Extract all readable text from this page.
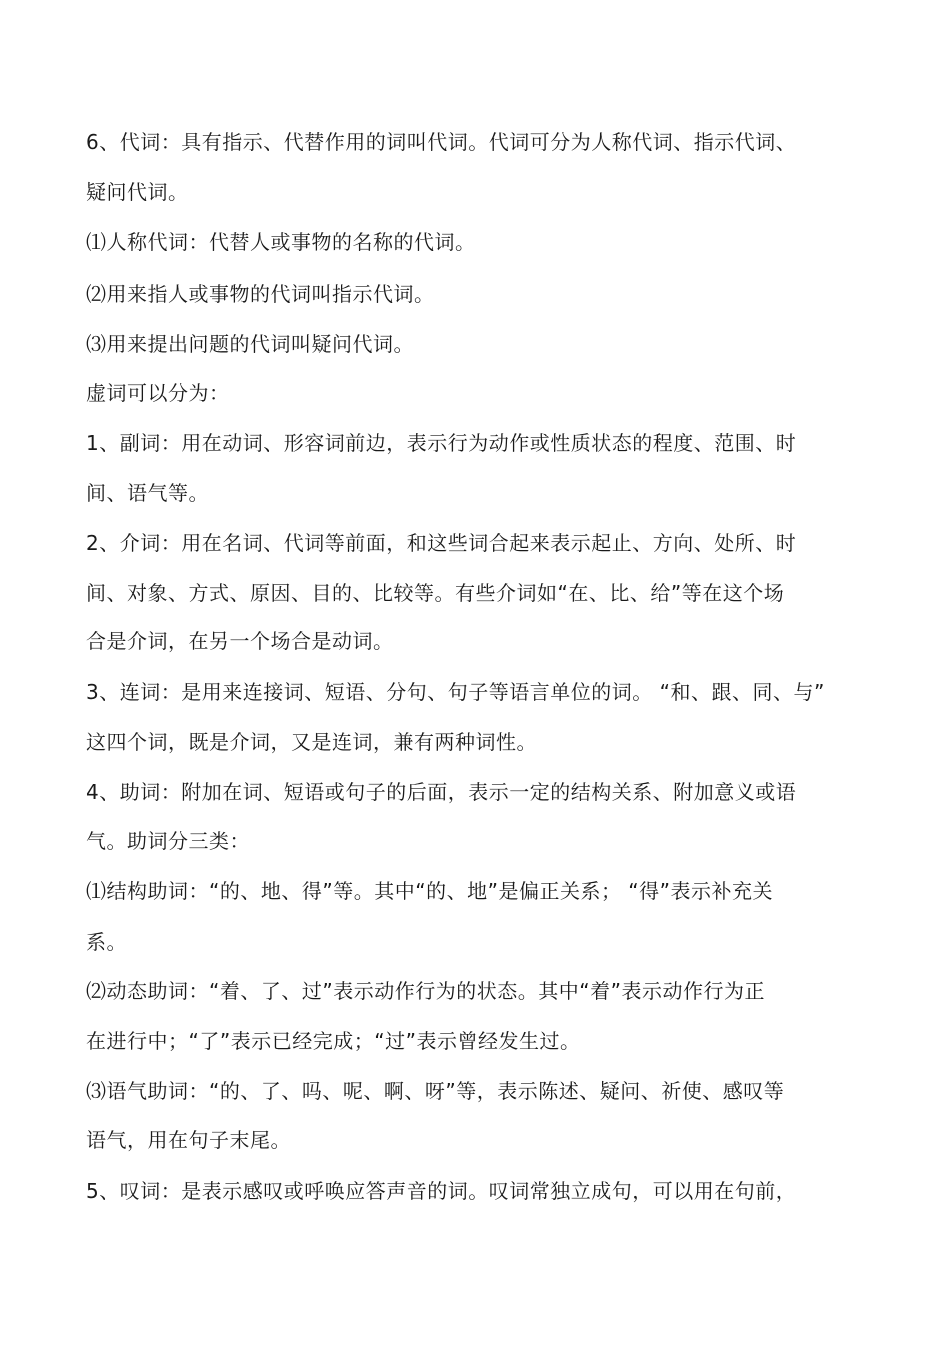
6、代词：具有指示、代替作用的词叫代词。代词可分为人称代词、指示代词、
疑问代词。
⑴人称代词：代替人或事物的名称的代词。
⑵用来指人或事物的代词叫指示代词。
⑶用来提出问题的代词叫疑问代词。
虚词可以分为：
1、副词：用在动词、形容词前边，表示行为动作或性质状态的程度、范围、时
间、语气等。
2、介词：用在名词、代词等前面，和这些词合起来表示起止、方向、处所、时
间、对象、方式、原因、目的、比较等。有些介词如“在、比、给”等在这个场
合是介词，在另一个场合是动词。
3、连词：是用来连接词、短语、分句、句子等语言单位的词。 “和、跟、同、与”
这四个词，既是介词，又是连词，兼有两种词性。
4、助词：附加在词、短语或句子的后面，表示一定的结构关系、附加意义或语
气。助词分三类：
⑴结构助词：“的、地、得”等。其中“的、地”是偏正关系； “得”表示补充关
系。
⑵动态助词：“着、了、过”表示动作行为的状态。其中“着”表示动作行为正
在进行中；“了”表示已经完成；“过”表示曾经发生过。
⑶语气助词：“的、了、吗、呢、啊、呀”等，表示陈述、疑问、祈使、感叹等
语气，用在句子末尾。
5、叹词：是表示感叹或呼唤应答声音的词。叹词常独立成句，可以用在句前，
